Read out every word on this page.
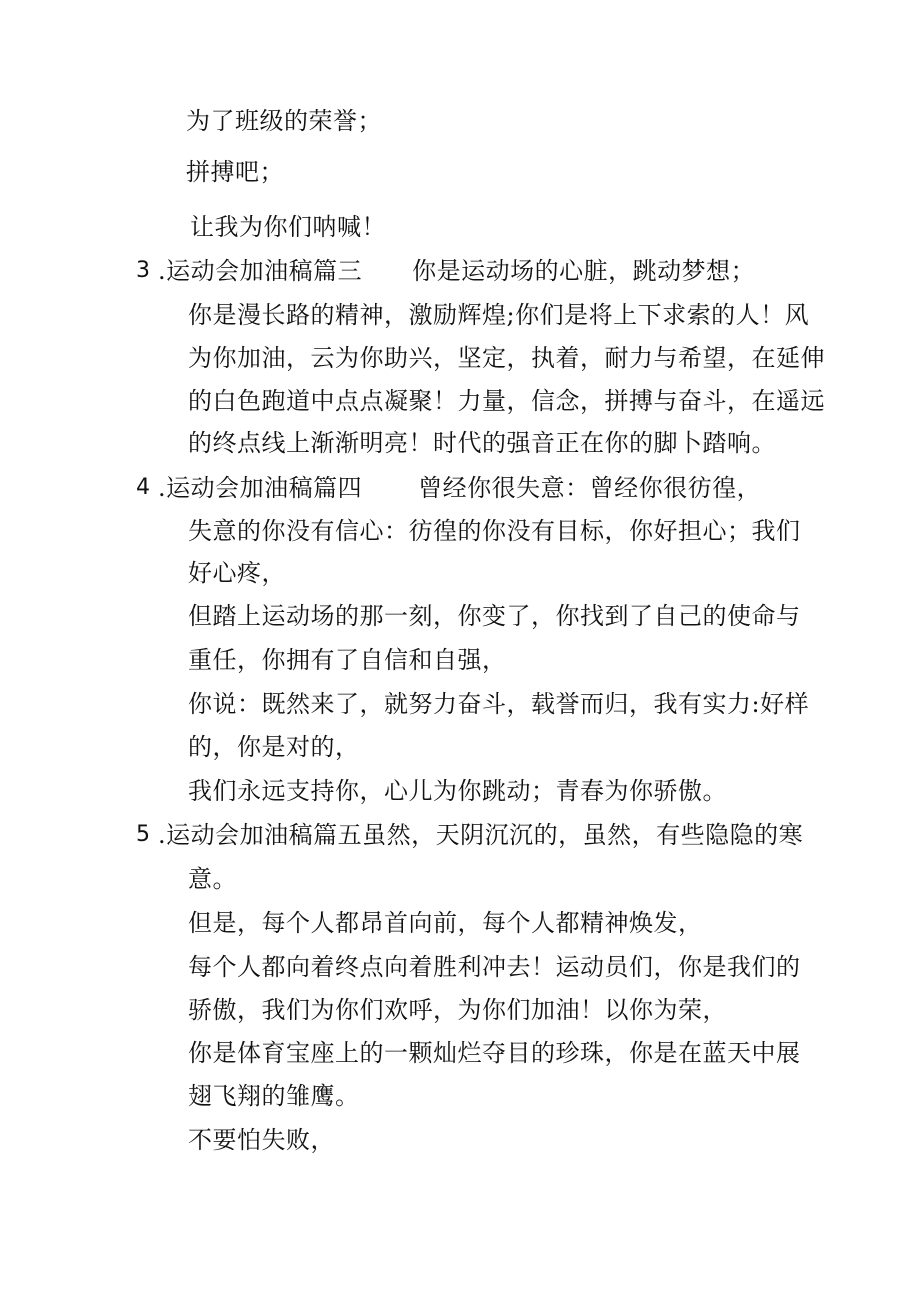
为了班级的荣誉；
拼搏吧；
让我为你们呐喊！
3 .运动会加油稿篇三 你是运动场的心脏，跳动梦想；
你是漫长路的精神，激励辉煌;你们是将上下求索的人！风
为你加油，云为你助兴，坚定，执着，耐力与希望，在延伸
的白色跑道中点点凝聚！力量，信念，拼搏与奋斗，在遥远
的终点线上渐渐明亮！时代的强音正在你的脚卜踏响。
4 .运动会加油稿篇四 曾经你很失意：曾经你很彷徨，
失意的你没有信心：彷徨的你没有目标，你好担心；我们
好心疼，
但踏上运动场的那一刻，你变了，你找到了自己的使命与
重任，你拥有了自信和自强，
你说：既然来了，就努力奋斗，载誉而归，我有实力:好样
的，你是对的，
我们永远支持你，心儿为你跳动；青春为你骄傲。
5 .运动会加油稿篇五虽然，天阴沉沉的，虽然，有些隐隐的寒
意。
但是，每个人都昂首向前，每个人都精神焕发，
每个人都向着终点向着胜利冲去！运动员们，你是我们的
骄傲，我们为你们欢呼，为你们加油！以你为荣，
你是体育宝座上的一颗灿烂夺目的珍珠，你是在蓝天中展
翅飞翔的雏鹰。
不要怕失败，
